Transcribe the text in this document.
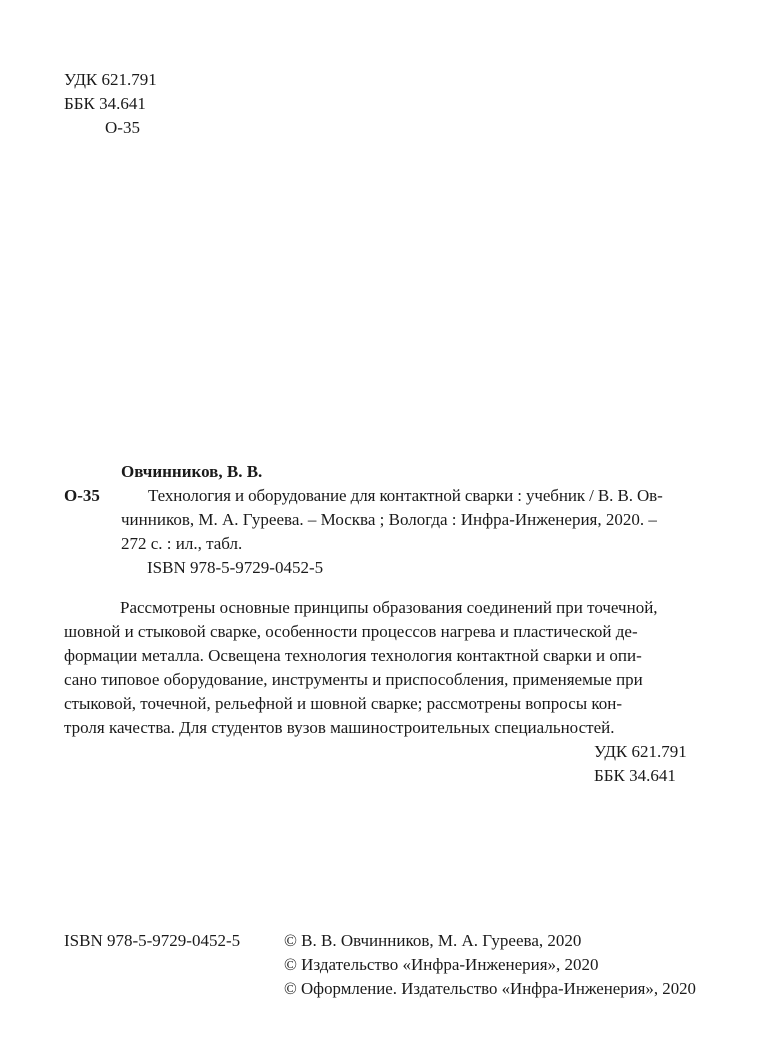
УДК 621.791
ББК 34.641
О-35
Овчинников, В. В.
О-35	Технология и оборудование для контактной сварки : учебник / В. В. Ов-
чинников, М. А. Гуреева. – Москва ; Вологда : Инфра-Инженерия, 2020. –
272 с. : ил., табл.
ISBN 978-5-9729-0452-5
Рассмотрены основные принципы образования соединений при точечной,
шовной и стыковой сварке, особенности процессов нагрева и пластической де-
формации металла. Освещена технология технология контактной сварки и опи-
сано типовое оборудование, инструменты и приспособления, применяемые при
стыковой, точечной, рельефной и шовной сварке; рассмотрены вопросы кон-
троля качества. Для студентов вузов машиностроительных специальностей.
УДК 621.791
ББК 34.641
ISBN 978-5-9729-0452-5	© В. В. Овчинников, М. А. Гуреева, 2020
© Издательство «Инфра-Инженерия», 2020
© Оформление. Издательство «Инфра-Инженерия», 2020
